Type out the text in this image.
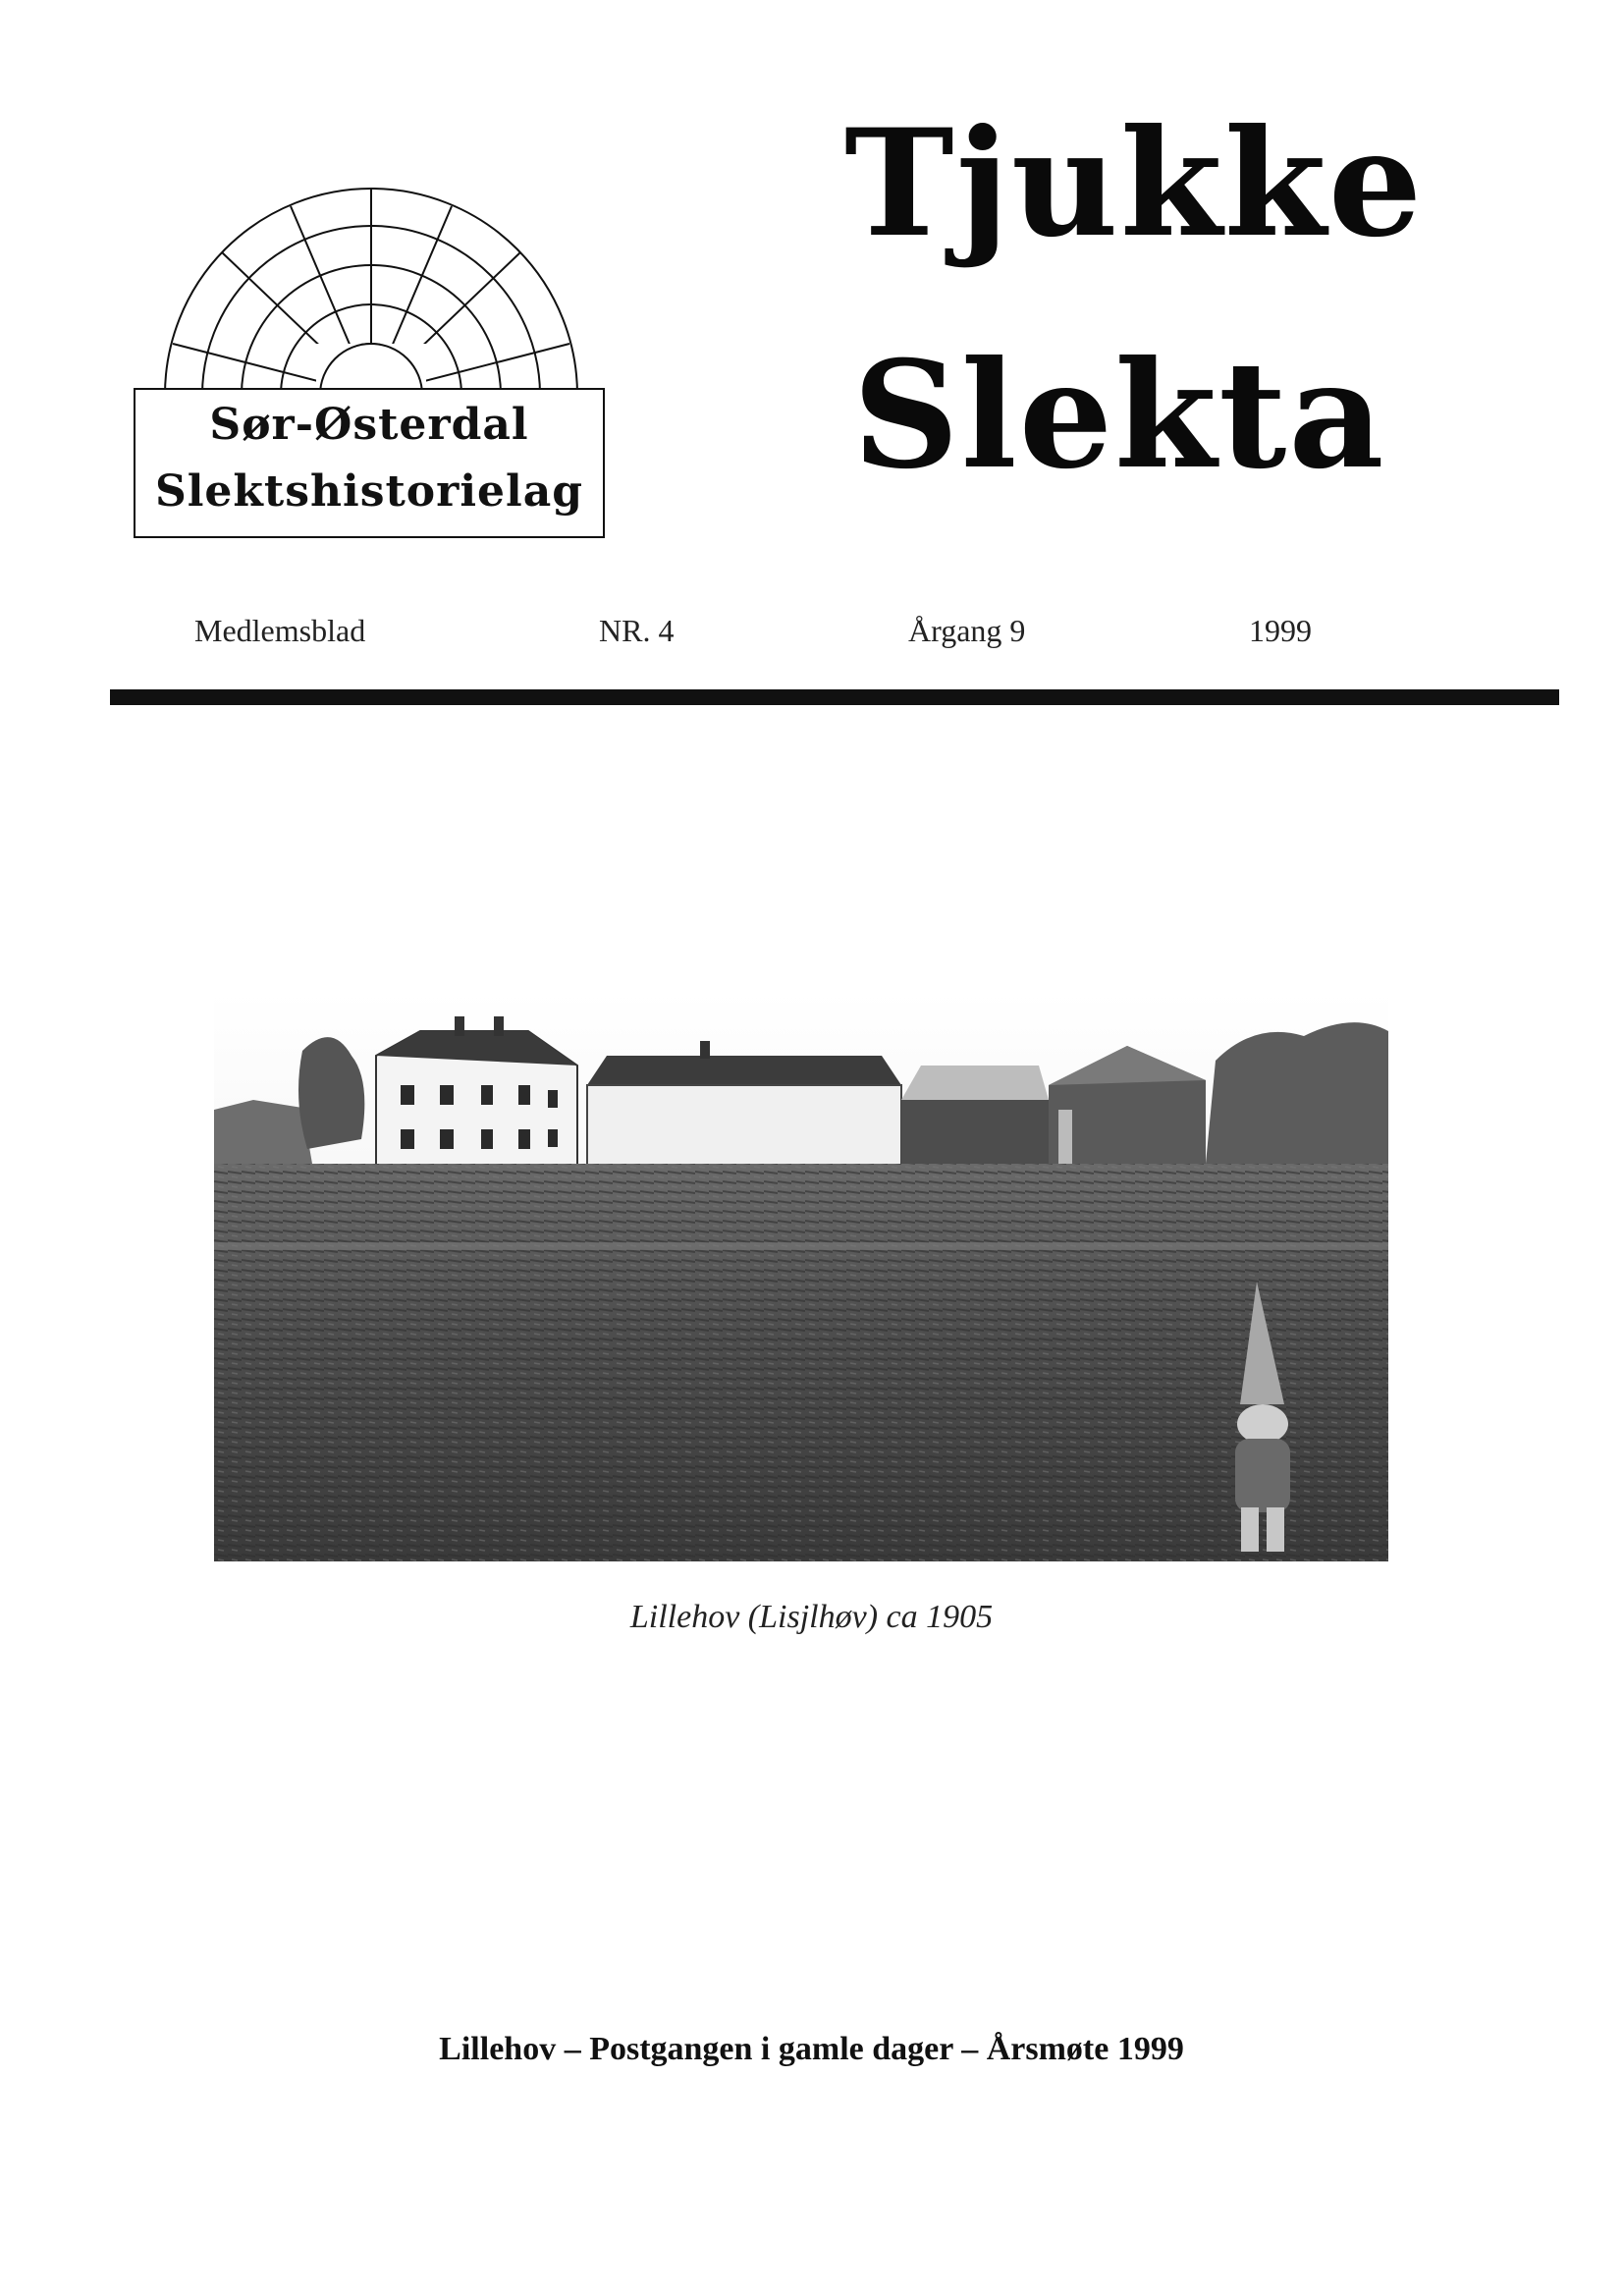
Sør-Østerdal
Slektshistorielag
Tjukke
Slekta
Medlemsblad	NR. 4	Årgang 9	1999
Lillehov (Lisjlhøv) ca 1905
Lillehov – Postgangen i gamle dager – Årsmøte 1999
